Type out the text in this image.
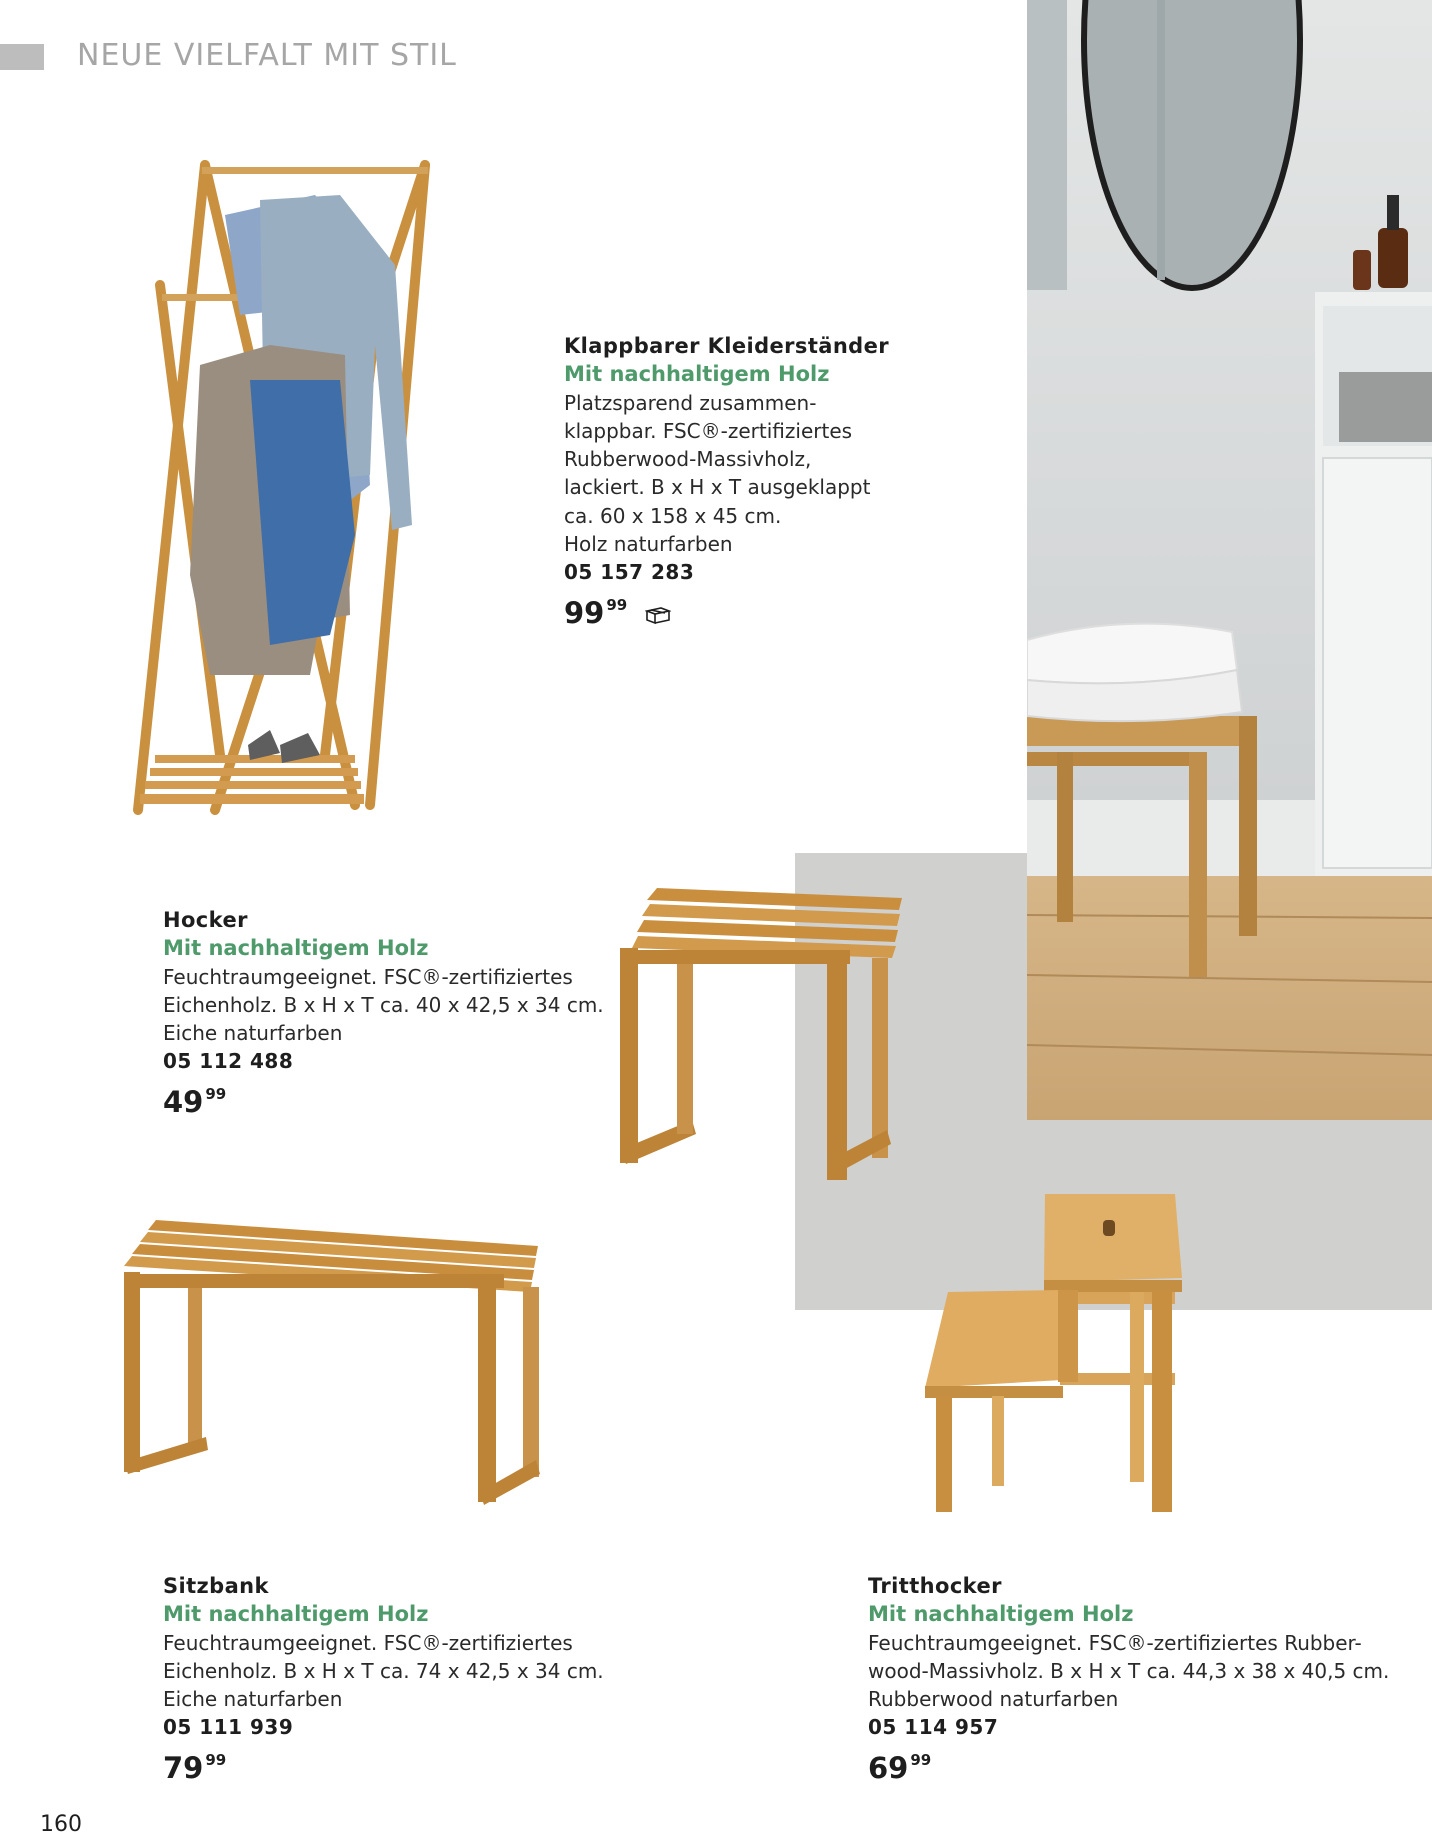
NEUE VIELFALT MIT STIL
Klappbarer Kleiderständer
Mit nachhaltigem Holz
Platzsparend zusammen-
klappbar. FSC®-zertifiziertes
Rubberwood-Massivholz,
lackiert. B x H x T ausgeklappt
ca. 60 x 158 x 45 cm.
Holz naturfarben
05 157 283
99 $^{99}$
Hocker
Mit nachhaltigem Holz
Feuchtraumgeeignet. FSC®-zertifiziertes
Eichenholz. B x H x T ca. 40 x 42,5 x 34 cm.
Eiche naturfarben
05 112 488
49 $^{99}$
Sitzbank
Mit nachhaltigem Holz
Feuchtraumgeeignet. FSC®-zertifiziertes
Eichenholz. B x H x T ca. 74 x 42,5 x 34 cm.
Eiche naturfarben
05 111 939
79 $^{99}$
Tritthocker
Mit nachhaltigem Holz
Feuchtraumgeeignet. FSC®-zertifiziertes Rubber-
wood-Massivholz. B x H x T ca. 44,3 x 38 x 40,5 cm.
Rubberwood naturfarben
05 114 957
69 $^{99}$
160
